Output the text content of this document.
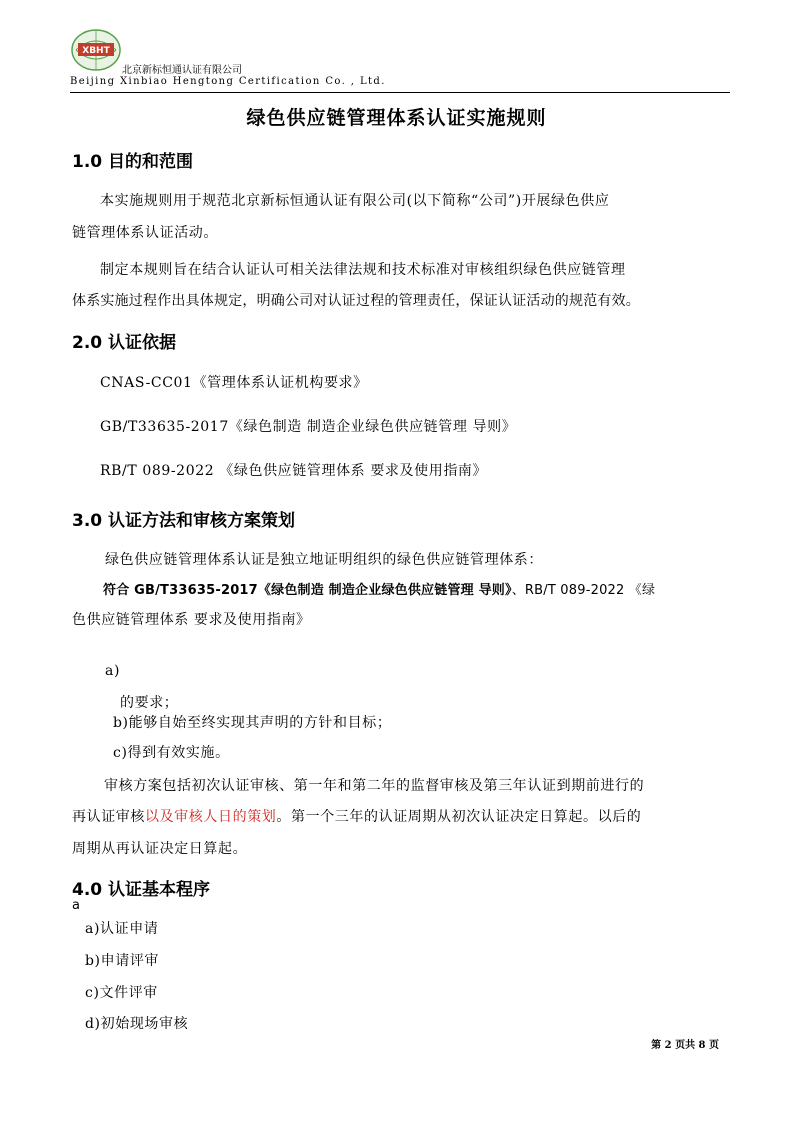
XBHT
北京新标恒通认证有限公司
Beijing Xinbiao Hengtong Certification Co. , Ltd.
绿色供应链管理体系认证实施规则
1.0 目的和范围
本实施规则用于规范北京新标恒通认证有限公司(以下简称“公司”)开展绿色供应
链管理体系认证活动。
制定本规则旨在结合认证认可相关法律法规和技术标准对审核组织绿色供应链管理
体系实施过程作出具体规定，明确公司对认证过程的管理责任，保证认证活动的规范有效。
2.0 认证依据
CNAS-CC01《管理体系认证机构要求》
GB/T33635-2017《绿色制造 制造企业绿色供应链管理 导则》
RB/T 089-2022 《绿色供应链管理体系 要求及使用指南》
3.0 认证方法和审核方案策划
绿色供应链管理体系认证是独立地证明组织的绿色供应链管理体系：
符合 GB/T33635-2017《绿色制造 制造企业绿色供应链管理 导则》、RB/T 089-2022 《绿
色供应链管理体系 要求及使用指南》
a)
的要求；
b)能够自始至终实现其声明的方针和目标；
c)得到有效实施。
审核方案包括初次认证审核、第一年和第二年的监督审核及第三年认证到期前进行的
再认证审核以及审核人日的策划。第一个三年的认证周期从初次认证决定日算起。以后的
周期从再认证决定日算起。
4.0 认证基本程序
a
a)认证申请
b)申请评审
c)文件评审
d)初始现场审核
第 2 页共 8 页
